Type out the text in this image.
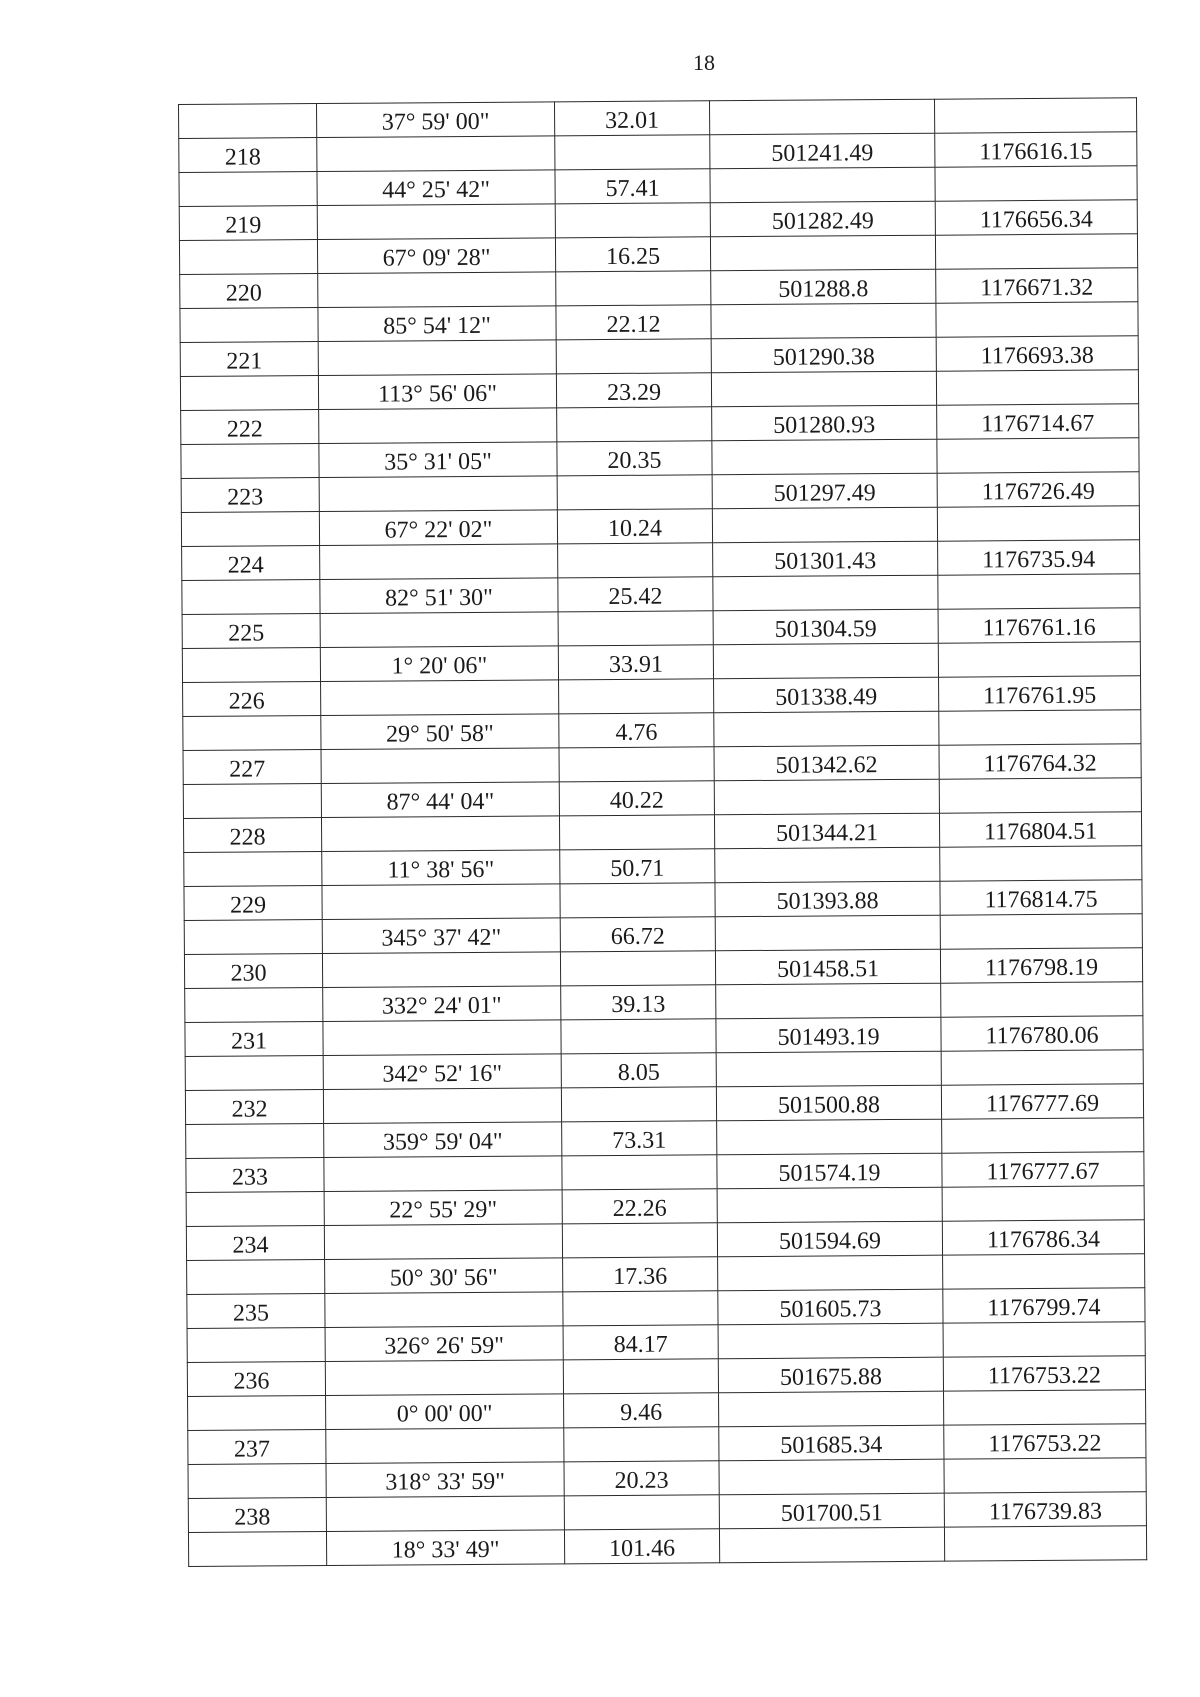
18
	37° 59' 00"	32.01		
218			501241.49	1176616.15
	44° 25' 42"	57.41		
219			501282.49	1176656.34
	67° 09' 28"	16.25		
220			501288.8	1176671.32
	85° 54' 12"	22.12		
221			501290.38	1176693.38
	113° 56' 06"	23.29		
222			501280.93	1176714.67
	35° 31' 05"	20.35		
223			501297.49	1176726.49
	67° 22' 02"	10.24		
224			501301.43	1176735.94
	82° 51' 30"	25.42		
225			501304.59	1176761.16
	1° 20' 06"	33.91		
226			501338.49	1176761.95
	29° 50' 58"	4.76		
227			501342.62	1176764.32
	87° 44' 04"	40.22		
228			501344.21	1176804.51
	11° 38' 56"	50.71		
229			501393.88	1176814.75
	345° 37' 42"	66.72		
230			501458.51	1176798.19
	332° 24' 01"	39.13		
231			501493.19	1176780.06
	342° 52' 16"	8.05		
232			501500.88	1176777.69
	359° 59' 04"	73.31		
233			501574.19	1176777.67
	22° 55' 29"	22.26		
234			501594.69	1176786.34
	50° 30' 56"	17.36		
235			501605.73	1176799.74
	326° 26' 59"	84.17		
236			501675.88	1176753.22
	0° 00' 00"	9.46		
237			501685.34	1176753.22
	318° 33' 59"	20.23		
238			501700.51	1176739.83
	18° 33' 49"	101.46		
